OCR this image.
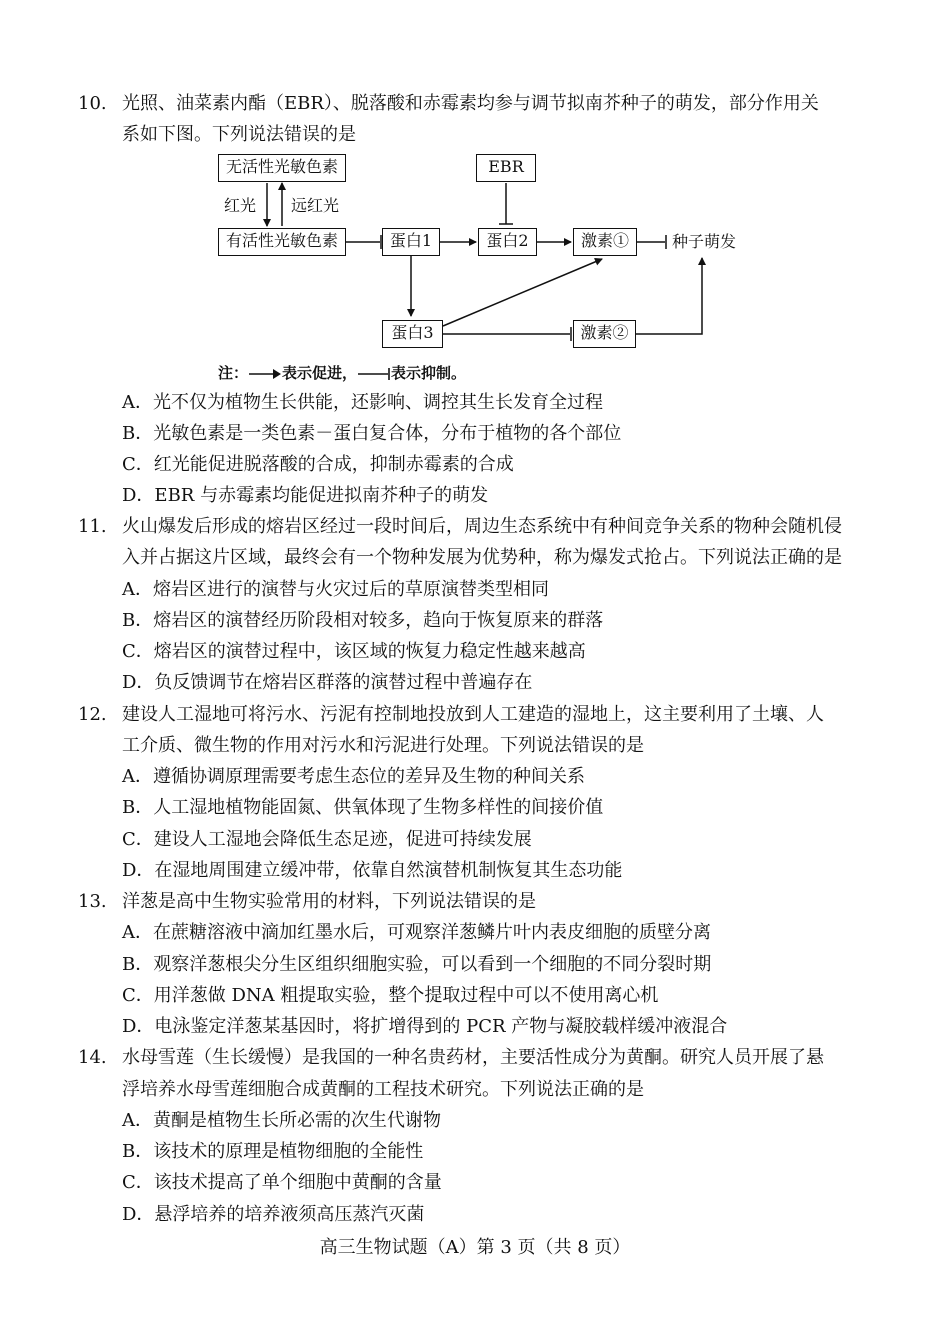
10. 光照、油菜素内酯（EBR）、脱落酸和赤霉素均参与调节拟南芥种子的萌发，部分作用关
系如下图。下列说法错误的是
无活性光敏色素
红光 远红光
有活性光敏色素
EBR
蛋白1	蛋白2	激素①	种子萌发
蛋白3	激素②
注： 表示促进， 表示抑制。
A．光不仅为植物生长供能，还影响、调控其生长发育全过程
B．光敏色素是一类色素－蛋白复合体，分布于植物的各个部位
C．红光能促进脱落酸的合成，抑制赤霉素的合成
D．EBR 与赤霉素均能促进拟南芥种子的萌发
11. 火山爆发后形成的熔岩区经过一段时间后，周边生态系统中有种间竞争关系的物种会随机侵
入并占据这片区域，最终会有一个物种发展为优势种，称为爆发式抢占。下列说法正确的是
A．熔岩区进行的演替与火灾过后的草原演替类型相同
B．熔岩区的演替经历阶段相对较多，趋向于恢复原来的群落
C．熔岩区的演替过程中，该区域的恢复力稳定性越来越高
D．负反馈调节在熔岩区群落的演替过程中普遍存在
12. 建设人工湿地可将污水、污泥有控制地投放到人工建造的湿地上，这主要利用了土壤、人
工介质、微生物的作用对污水和污泥进行处理。下列说法错误的是
A．遵循协调原理需要考虑生态位的差异及生物的种间关系
B．人工湿地植物能固氮、供氧体现了生物多样性的间接价值
C．建设人工湿地会降低生态足迹，促进可持续发展
D．在湿地周围建立缓冲带，依靠自然演替机制恢复其生态功能
13. 洋葱是高中生物实验常用的材料，下列说法错误的是
A．在蔗糖溶液中滴加红墨水后，可观察洋葱鳞片叶内表皮细胞的质壁分离
B．观察洋葱根尖分生区组织细胞实验，可以看到一个细胞的不同分裂时期
C．用洋葱做 DNA 粗提取实验，整个提取过程中可以不使用离心机
D．电泳鉴定洋葱某基因时，将扩增得到的 PCR 产物与凝胶载样缓冲液混合
14. 水母雪莲（生长缓慢）是我国的一种名贵药材，主要活性成分为黄酮。研究人员开展了悬
浮培养水母雪莲细胞合成黄酮的工程技术研究。下列说法正确的是
A．黄酮是植物生长所必需的次生代谢物
B．该技术的原理是植物细胞的全能性
C．该技术提高了单个细胞中黄酮的含量
D．悬浮培养的培养液须高压蒸汽灭菌
高三生物试题（A）第 3 页（共 8 页）
